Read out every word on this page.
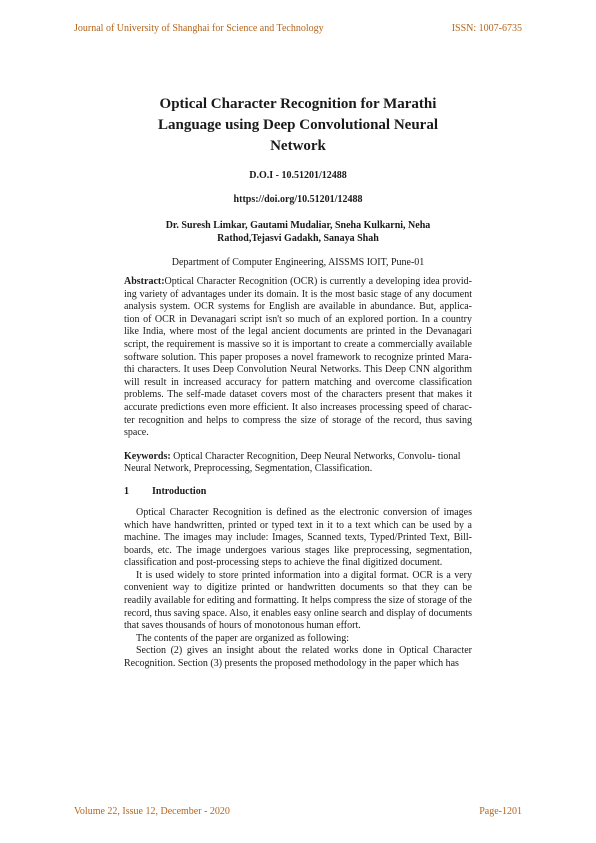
Journal of University of Shanghai for Science and Technology	ISSN: 1007-6735
Optical Character Recognition for Marathi
Language using Deep Convolutional Neural
Network

D.O.I - 10.51201/12488

https://doi.org/10.51201/12488

Dr. Suresh Limkar, Gautami Mudaliar, Sneha Kulkarni, Neha
Rathod,Tejasvi Gadakh, Sanaya Shah

Department of Computer Engineering, AISSMS IOIT, Pune-01

Abstract:Optical Character Recognition (OCR) is currently a developing idea provid- ing variety of advantages under its domain. It is the most basic stage of any document analysis system. OCR systems for English are available in abundance. But, applica- tion of OCR in Devanagari script isn't so much of an explored portion. In a country like India, where most of the legal ancient documents are printed in the Devanagari script, the requirement is massive so it is important to create a commercially available software solution. This paper proposes a novel framework to recognize printed Mara- thi characters. It uses Deep Convolution Neural Networks. This Deep CNN algorithm will result in increased accuracy for pattern matching and overcome classification problems. The self-made dataset covers most of the characters present that makes it accurate predictions even more efficient. It also increases processing speed of charac- ter recognition and helps to compress the size of storage of the record, thus saving space.

Keywords: Optical Character Recognition, Deep Neural Networks, Convolu- tional Neural Network, Preprocessing, Segmentation, Classification.

1	Introduction

Optical Character Recognition is defined as the electronic conversion of images which have handwritten, printed or typed text in it to a text which can be used by a machine. The images may include: Images, Scanned texts, Typed/Printed Text, Bill- boards, etc. The image undergoes various stages like preprocessing, segmentation, classification and post-processing steps to achieve the final digitized document.

It is used widely to store printed information into a digital format. OCR is a very convenient way to digitize printed or handwritten documents so that they can be readily available for editing and formatting. It helps compress the size of storage of the record, thus saving space. Also, it enables easy online search and display of documents that saves thousands of hours of monotonous human effort.

The contents of the paper are organized as following:

Section (2) gives an insight about the related works done in Optical Character Recognition. Section (3) presents the proposed methodology in the paper which has

Volume 22, Issue 12, December - 2020	Page-1201
